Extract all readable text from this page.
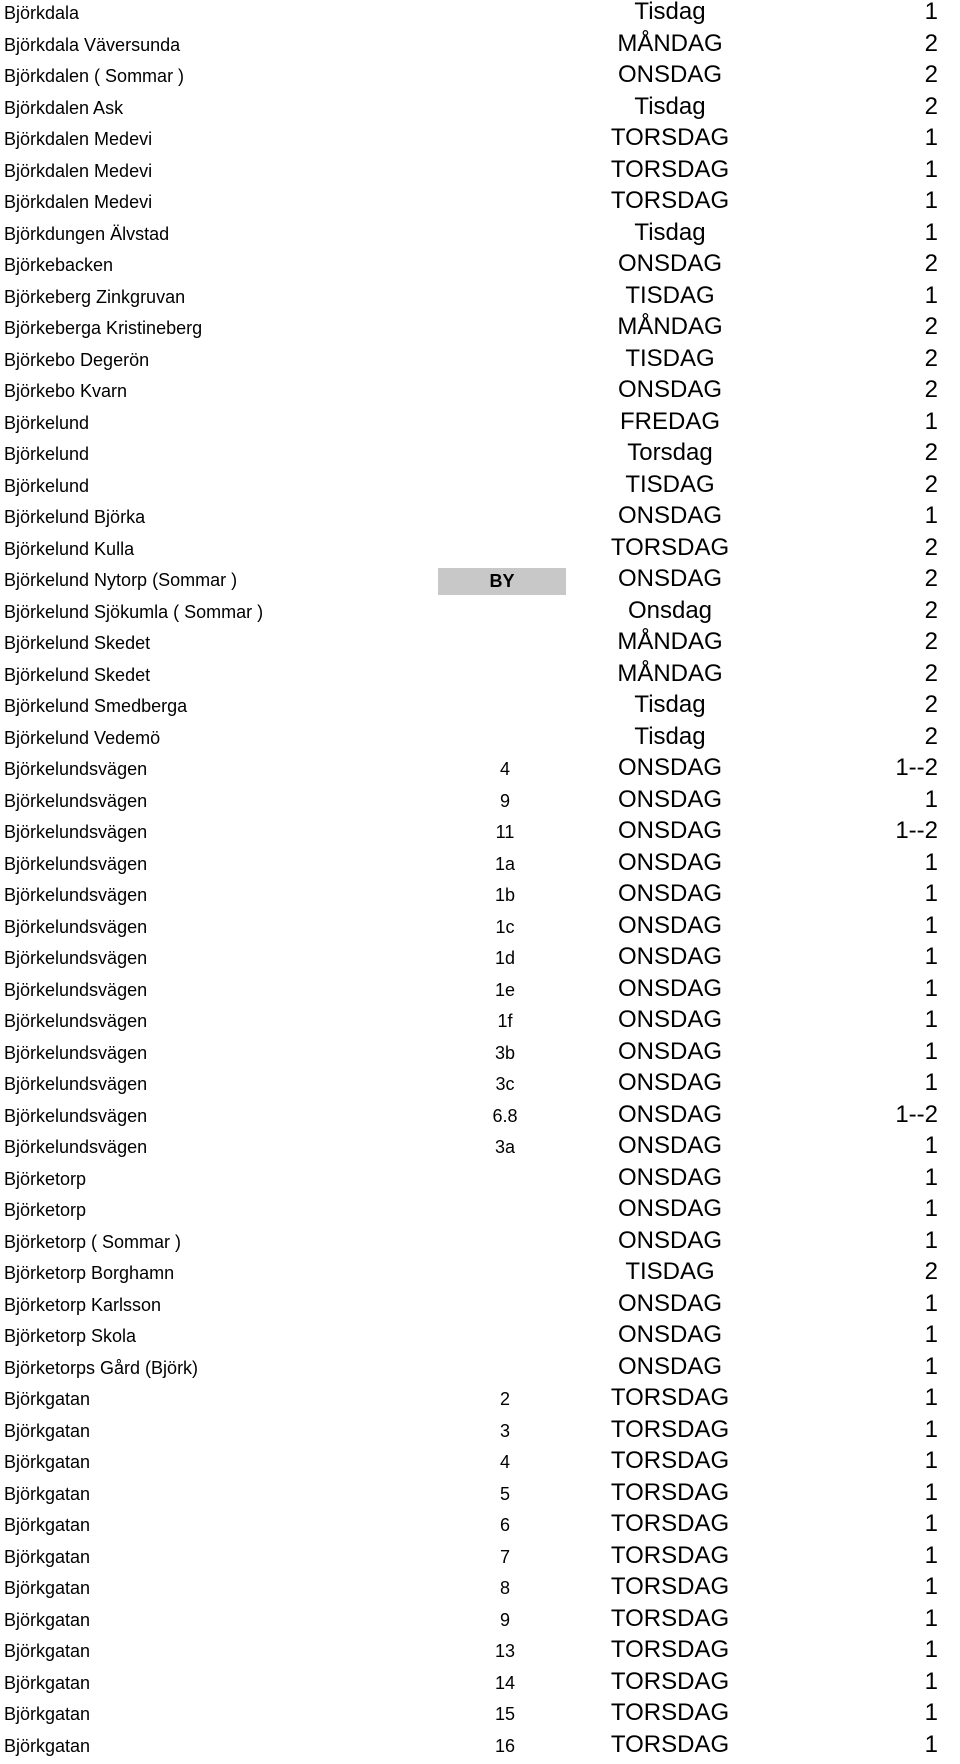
Björkdala	Tisdag	1
Björkdala Väversunda	MÅNDAG	2
Björkdalen ( Sommar )	ONSDAG	2
Björkdalen Ask	Tisdag	2
Björkdalen Medevi	TORSDAG	1
Björkdalen Medevi	TORSDAG	1
Björkdalen Medevi	TORSDAG	1
Björkdungen Älvstad	Tisdag	1
Björkebacken	ONSDAG	2
Björkeberg Zinkgruvan	TISDAG	1
Björkeberga Kristineberg	MÅNDAG	2
Björkebo Degerön	TISDAG	2
Björkebo Kvarn	ONSDAG	2
Björkelund	FREDAG	1
Björkelund	Torsdag	2
Björkelund	TISDAG	2
Björkelund Björka	ONSDAG	1
Björkelund Kulla	TORSDAG	2
Björkelund Nytorp (Sommar )	BY	ONSDAG	2
Björkelund Sjökumla ( Sommar )	Onsdag	2
Björkelund Skedet	MÅNDAG	2
Björkelund Skedet	MÅNDAG	2
Björkelund Smedberga	Tisdag	2
Björkelund Vedemö	Tisdag	2
Björkelundsvägen	4	ONSDAG	1--2
Björkelundsvägen	9	ONSDAG	1
Björkelundsvägen	11	ONSDAG	1--2
Björkelundsvägen	1a	ONSDAG	1
Björkelundsvägen	1b	ONSDAG	1
Björkelundsvägen	1c	ONSDAG	1
Björkelundsvägen	1d	ONSDAG	1
Björkelundsvägen	1e	ONSDAG	1
Björkelundsvägen	1f	ONSDAG	1
Björkelundsvägen	3b	ONSDAG	1
Björkelundsvägen	3c	ONSDAG	1
Björkelundsvägen	6.8	ONSDAG	1--2
Björkelundsvägen	3a	ONSDAG	1
Björketorp	ONSDAG	1
Björketorp	ONSDAG	1
Björketorp ( Sommar )	ONSDAG	1
Björketorp Borghamn	TISDAG	2
Björketorp Karlsson	ONSDAG	1
Björketorp Skola	ONSDAG	1
Björketorps Gård (Björk)	ONSDAG	1
Björkgatan	2	TORSDAG	1
Björkgatan	3	TORSDAG	1
Björkgatan	4	TORSDAG	1
Björkgatan	5	TORSDAG	1
Björkgatan	6	TORSDAG	1
Björkgatan	7	TORSDAG	1
Björkgatan	8	TORSDAG	1
Björkgatan	9	TORSDAG	1
Björkgatan	13	TORSDAG	1
Björkgatan	14	TORSDAG	1
Björkgatan	15	TORSDAG	1
Björkgatan	16	TORSDAG	1
